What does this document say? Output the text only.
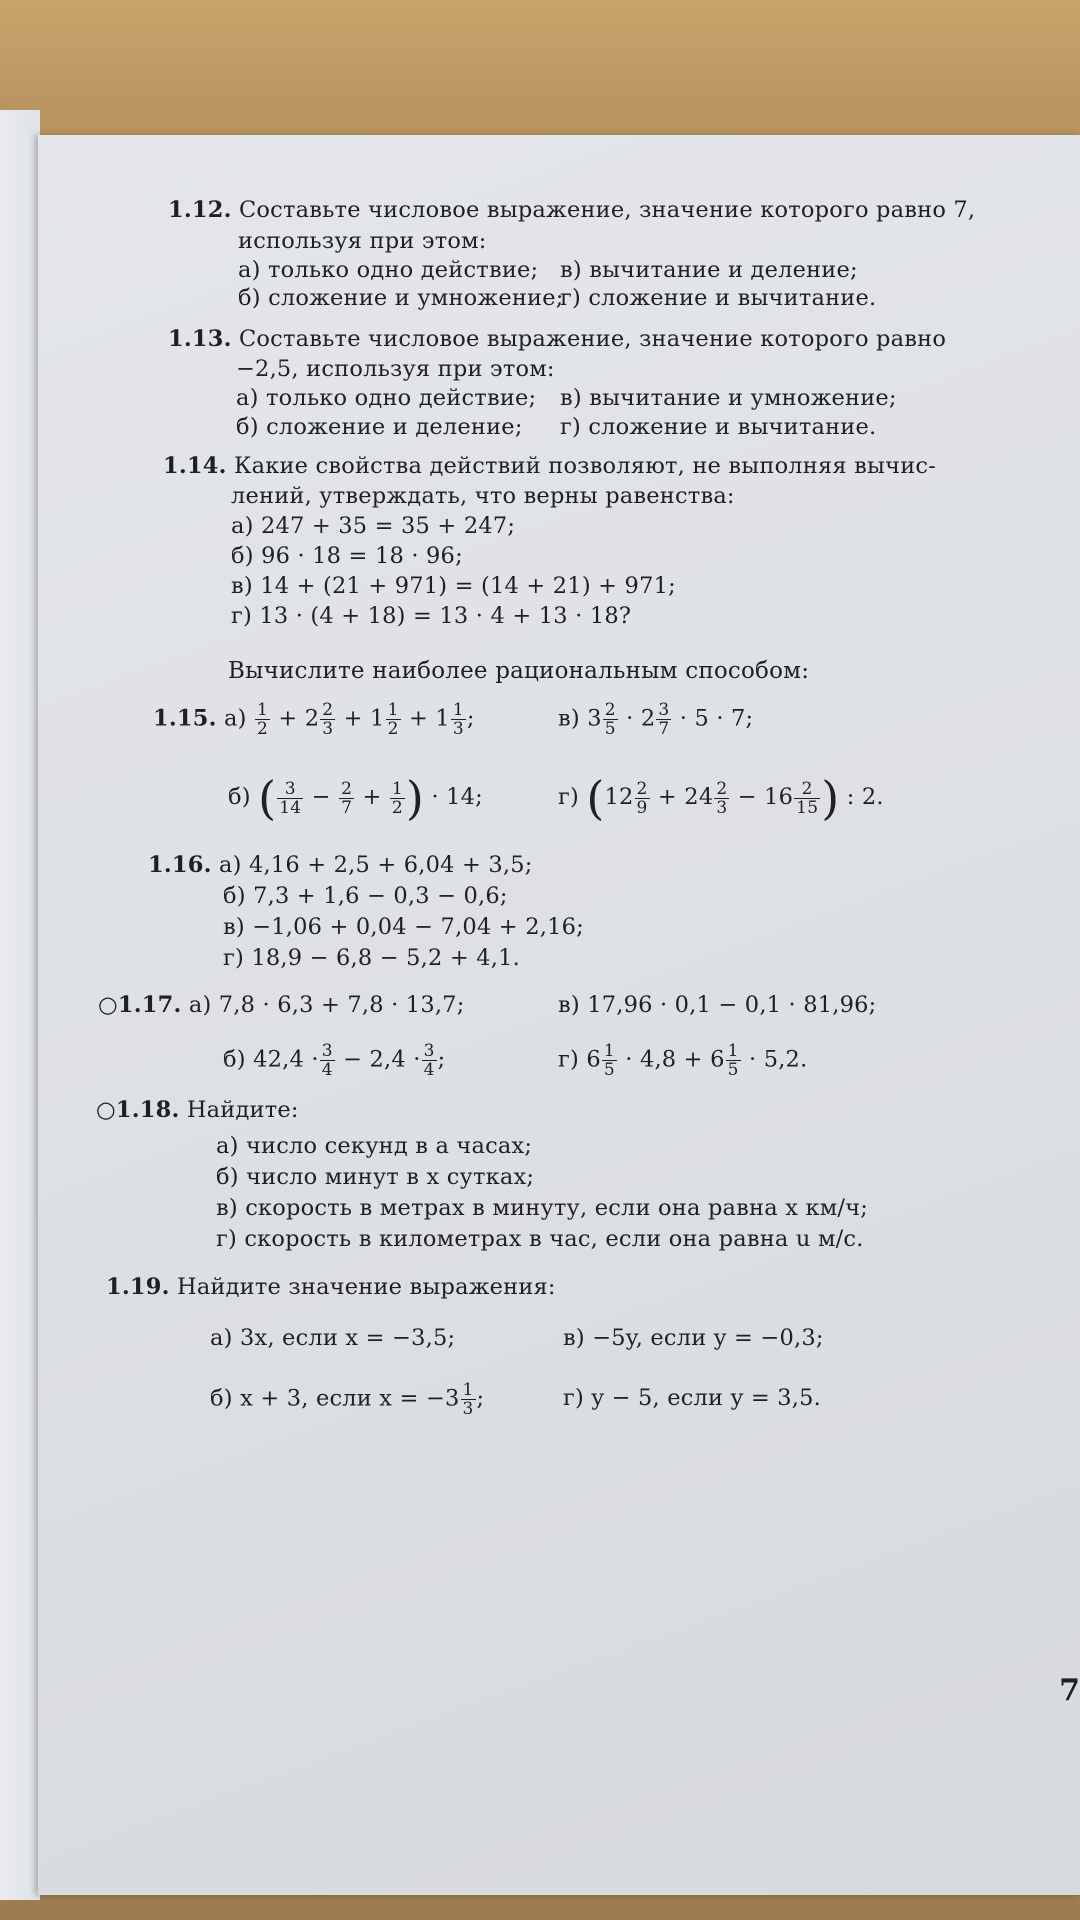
1.12. Составьте числовое выражение, значение которого равно 7,
используя при этом:
а) только одно действие;
б) сложение и умножение;
в) вычитание и деление;
г) сложение и вычитание.
1.13. Составьте числовое выражение, значение которого равно
−2,5, используя при этом:
а) только одно действие;
б) сложение и деление;
в) вычитание и умножение;
г) сложение и вычитание.
1.14. Какие свойства действий позволяют, не выполняя вычис-
лений, утверждать, что верны равенства:
а) 247 + 35 = 35 + 247;
б) 96 · 18 = 18 · 96;
в) 14 + (21 + 971) = (14 + 21) + 971;
г) 13 · (4 + 18) = 13 · 4 + 13 · 18?
Вычислите наиболее рациональным способом:
1.15. $а) \frac{1}{2} + 2 \frac{2}{3} + 1 \frac{1}{2} + 1 \frac{1}{3}$ ;	в) $3 \frac{2}{5} \cdot 2 \frac{3}{7} \cdot 5 \cdot 7$;
б) ( $\frac{3}{14} - \frac{2}{7} + \frac{1}{2}$ ) · 14;	г) ($12 \frac{2}{9} + 24 \frac{2}{3} - 16 \frac{2}{15}$ ) : 2.
1.16. а) 4,16 + 2,5 + 6,04 + 3,5;
б) 7,3 + 1,6 − 0,3 − 0,6;
в) −1,06 + 0,04 − 7,04 + 2,16;
г) 18,9 − 6,8 − 5,2 + 4,1.
○1.17. а) 7,8 · 6,3 + 7,8 · 13,7;	в) 17,96 · 0,1 − 0,1 · 81,96;
б) $42,4 \cdot \frac{3}{4} - 2,4 \cdot \frac{3}{4}$ ;	г) $6 \frac{1}{5} \cdot 4,8 + 6 \frac{1}{5} \cdot 5,2$.
○1.18. Найдите:
а) число секунд в a часах;
б) число минут в x сутках;
в) скорость в метрах в минуту, если она равна x км/ч;
г) скорость в километрах в час, если она равна u м/с.
1.19. Найдите значение выражения:
а) 3x, если x = −3,5;	в) −5y, если y = −0,3;
б) x + 3, если $x = -3 \frac{1}{3}$ ;	г) y − 5, если y = 3,5.
7
